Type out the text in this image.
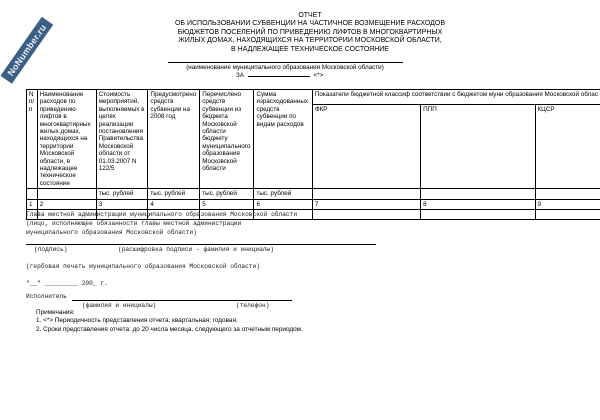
NoNumber.ru
ОТЧЕТ
ОБ ИСПОЛЬЗОВАНИИ СУБВЕНЦИИ НА ЧАСТИЧНОЕ ВОЗМЕЩЕНИЕ РАСХОДОВ
БЮДЖЕТОВ ПОСЕЛЕНИЙ ПО ПРИВЕДЕНИЮ ЛИФТОВ В МНОГОКВАРТИРНЫХ
ЖИЛЫХ ДОМАХ, НАХОДЯЩИХСЯ НА ТЕРРИТОРИИ МОСКОВСКОЙ ОБЛАСТИ,
В НАДЛЕЖАЩЕЕ ТЕХНИЧЕСКОЕ СОСТОЯНИЕ
(наименование муниципального образования Московской области)
ЗА	<*>
N п/п	Наименование расходов по приведению лифтов в многоквартирных жилых домах, находящихся на территории Московской области, в надлежащее техническое состояние	Стоимость мероприятий, выполняемых в целях реализации постановления Правительства Московской области от 01.03.2007 N 122/5	Предусмотрено средств субвенции на 2008 год	Перечислено средств субвенции из бюджета Московской области бюджету муниципального образования Московской области	Сумма израсходованных средств субвенции по видам расходов	Показатели бюджетной классиф соответствии с бюджетом муни образования Московской облас		
						ФКР	ППП	КЦСР
		тыс. рублей	тыс. рублей	тыс. рублей	тыс. рублей			
1	2	3	4	5	6	7	8	9

Глава местной администрации муниципального образования Московской области
(лицо, исполняющее обязанности главы местной администрации
муниципального образования Московской области)
(подпись)	(расшифровка подписи - фамилия и инициалы)
(гербовая печать муниципального образования Московской области)
"__" _________ 200_ г.
Исполнитель
(фамилия и инициалы)	(телефон)
Примечания:
1. <*> Периодичность представления отчета: квартальная; годовая.
2. Сроки представления отчета: до 20 числа месяца, следующего за отчетным периодом.
